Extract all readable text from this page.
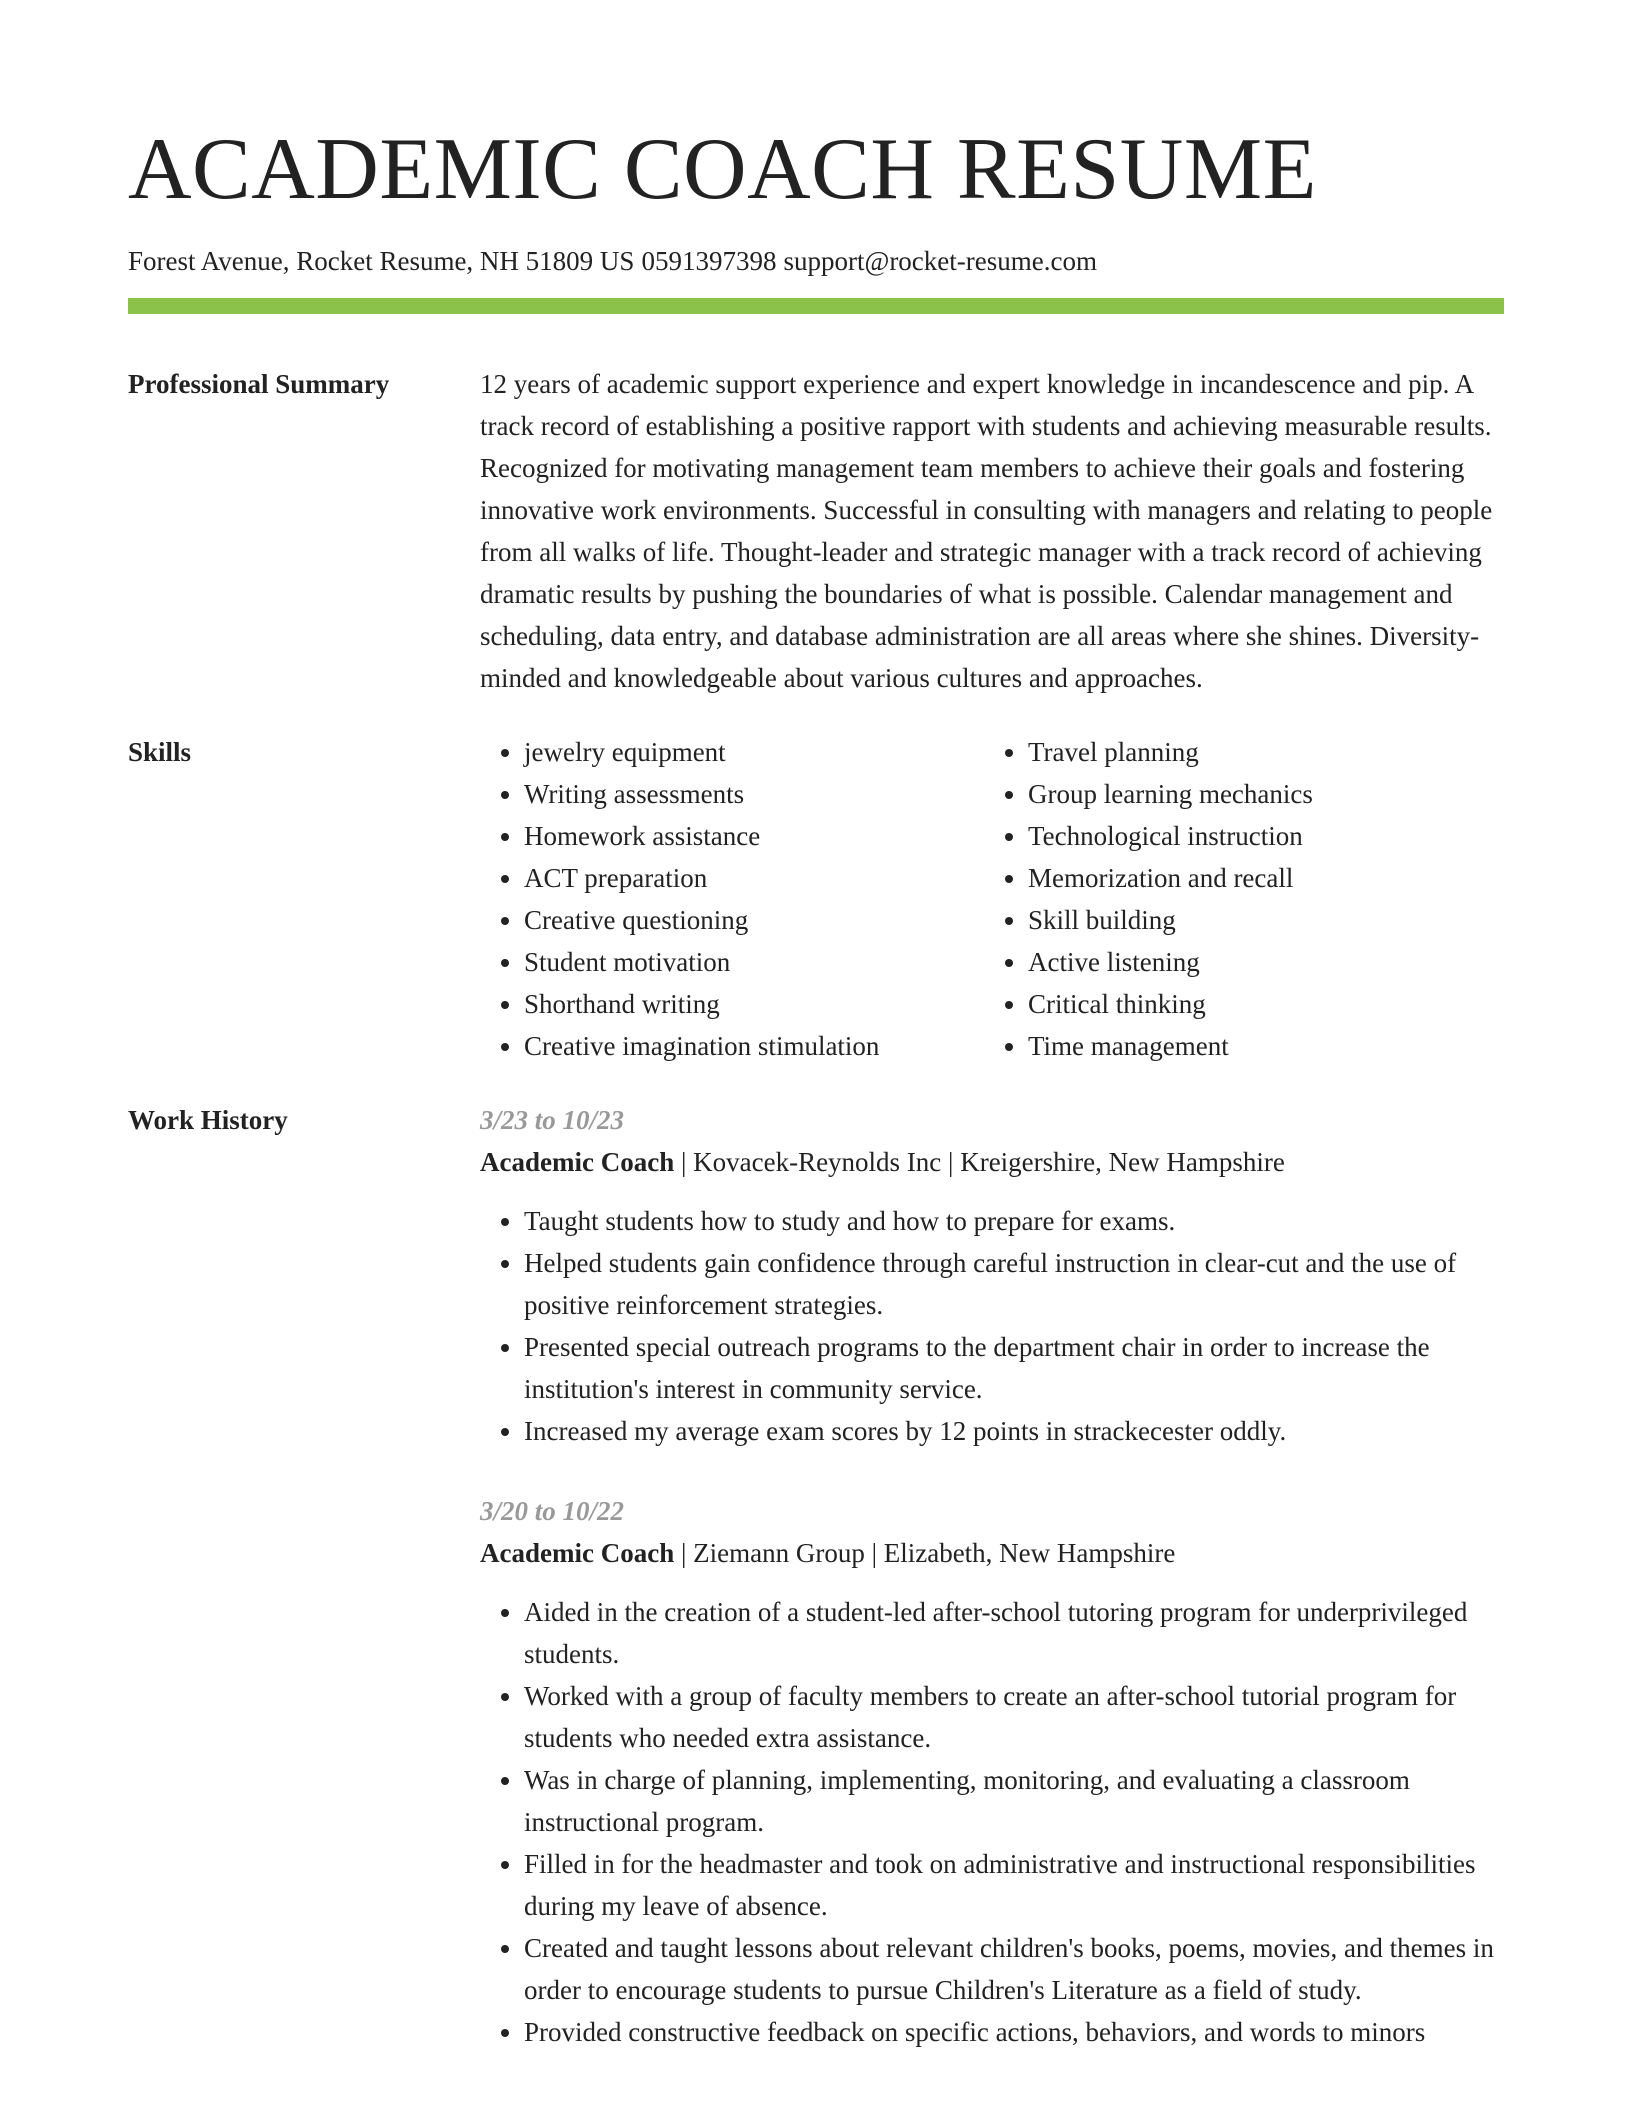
ACADEMIC COACH RESUME
Forest Avenue, Rocket Resume, NH 51809 US 0591397398 support@rocket-resume.com
Professional Summary	12 years of academic support experience and expert knowledge in incandescence and pip. A track record of establishing a positive rapport with students and achieving measurable results. Recognized for motivating management team members to achieve their goals and fostering innovative work environments. Successful in consulting with managers and relating to people from all walks of life. Thought-leader and strategic manager with a track record of achieving dramatic results by pushing the boundaries of what is possible. Calendar management and scheduling, data entry, and database administration are all areas where she shines. Diversity-minded and knowledgeable about various cultures and approaches.

Skills
•	jewelry equipment
• Writing assessments
• Homework assistance
• ACT preparation
• Creative questioning
• Student motivation
• Shorthand writing
• Creative imagination stimulation
• Travel planning
• Group learning mechanics
• Technological instruction
• Memorization and recall
• Skill building
• Active listening
• Critical thinking
• Time management
Work History	3/23 to 10/23
Academic Coach | Kovacek-Reynolds Inc | Kreigershire, New Hampshire
• Taught students how to study and how to prepare for exams.
• Helped students gain confidence through careful instruction in clear-cut and the use of positive reinforcement strategies.
• Presented special outreach programs to the department chair in order to increase the institution's interest in community service.
• Increased my average exam scores by 12 points in strackecester oddly.
3/20 to 10/22
Academic Coach | Ziemann Group | Elizabeth, New Hampshire
• Aided in the creation of a student-led after-school tutoring program for underprivileged students.
• Worked with a group of faculty members to create an after-school tutorial program for students who needed extra assistance.
• Was in charge of planning, implementing, monitoring, and evaluating a classroom instructional program.
• Filled in for the headmaster and took on administrative and instructional responsibilities during my leave of absence.
• Created and taught lessons about relevant children's books, poems, movies, and themes in order to encourage students to pursue Children's Literature as a field of study.
• Provided constructive feedback on specific actions, behaviors, and words to minors
